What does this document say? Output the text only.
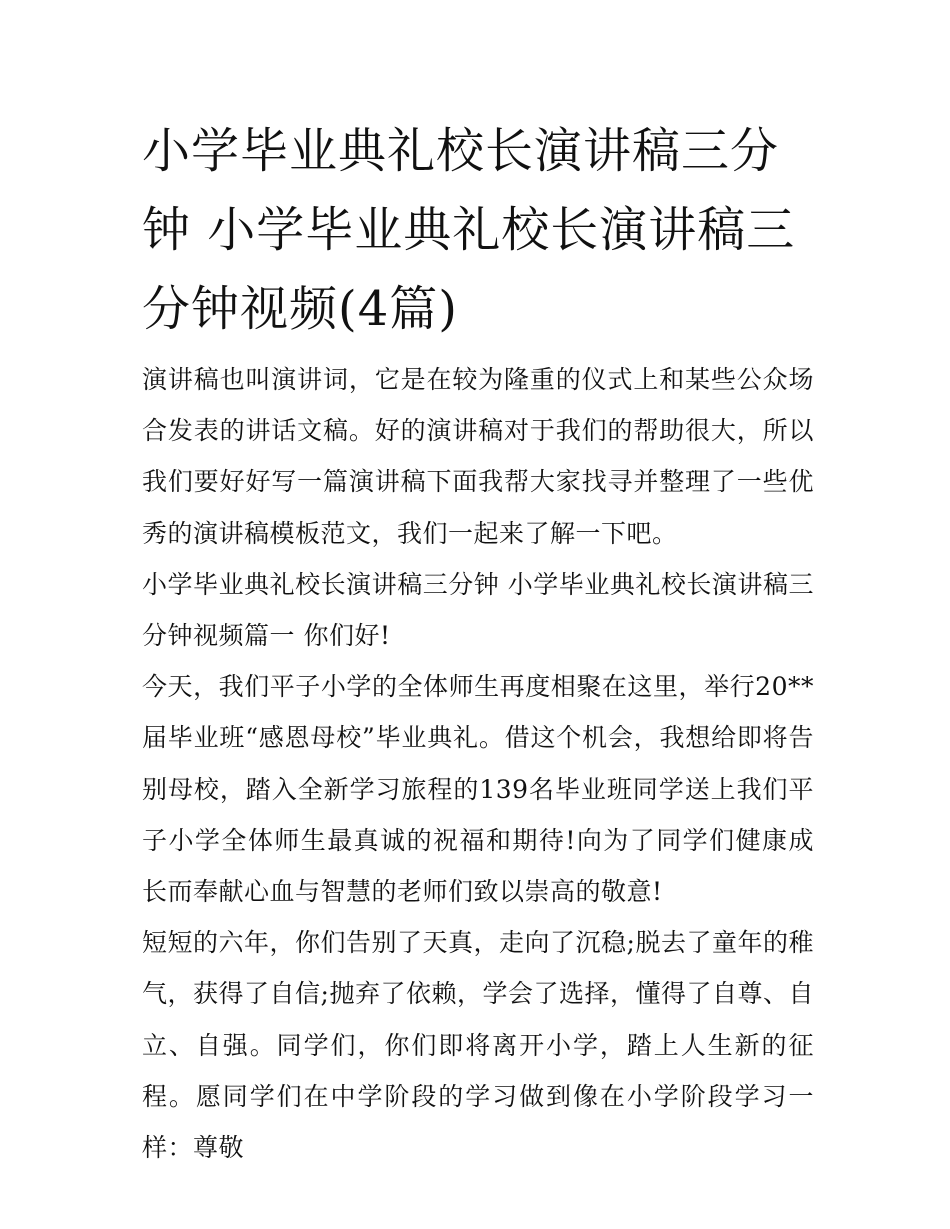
小学毕业典礼校长演讲稿三分钟 小学毕业典礼校长演讲稿三分钟视频(4篇)

演讲稿也叫演讲词，它是在较为隆重的仪式上和某些公众场合发表的讲话文稿。好的演讲稿对于我们的帮助很大，所以我们要好好写一篇演讲稿下面我帮大家找寻并整理了一些优秀的演讲稿模板范文，我们一起来了解一下吧。

小学毕业典礼校长演讲稿三分钟 小学毕业典礼校长演讲稿三分钟视频篇一 你们好!

今天，我们平子小学的全体师生再度相聚在这里，举行20**届毕业班“感恩母校”毕业典礼。借这个机会，我想给即将告别母校，踏入全新学习旅程的139名毕业班同学送上我们平子小学全体师生最真诚的祝福和期待!向为了同学们健康成长而奉献心血与智慧的老师们致以崇高的敬意!

短短的六年，你们告别了天真，走向了沉稳;脱去了童年的稚气，获得了自信;抛弃了依赖，学会了选择，懂得了自尊、自立、自强。同学们，你们即将离开小学，踏上人生新的征程。愿同学们在中学阶段的学习做到像在小学阶段学习一样：尊敬
